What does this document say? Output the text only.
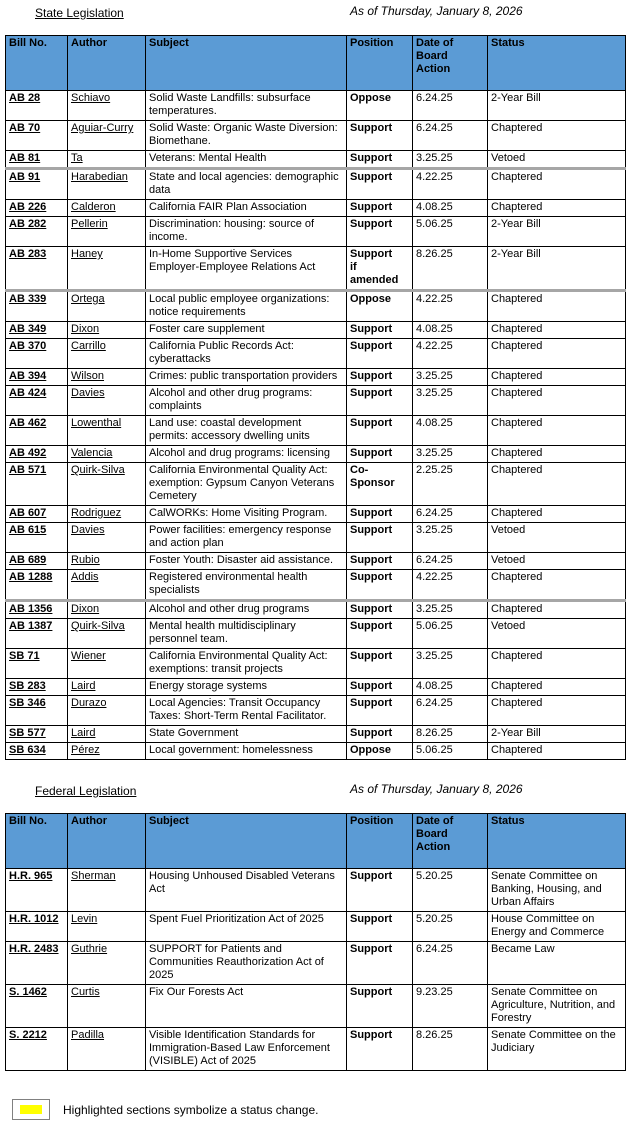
State Legislation	As of Thursday, January 8, 2026
Bill No.	Author	Subject	Position	Date of Board Action	Status
AB 28	Schiavo	Solid Waste Landfills: subsurface temperatures.	Oppose	6.24.25	2-Year Bill
AB 70	Aguiar-Curry	Solid Waste: Organic Waste Diversion: Biomethane.	Support	6.24.25	Chaptered
AB 81	Ta	Veterans: Mental Health	Support	3.25.25	Vetoed
AB 91	Harabedian	State and local agencies: demographic data	Support	4.22.25	Chaptered
AB 226	Calderon	California FAIR Plan Association	Support	4.08.25	Chaptered
AB 282	Pellerin	Discrimination: housing: source of income.	Support	5.06.25	2-Year Bill
AB 283	Haney	In-Home Supportive Services Employer-Employee Relations Act	Support if amended	8.26.25	2-Year Bill
AB 339	Ortega	Local public employee organizations: notice requirements	Oppose	4.22.25	Chaptered
AB 349	Dixon	Foster care supplement	Support	4.08.25	Chaptered
AB 370	Carrillo	California Public Records Act: cyberattacks	Support	4.22.25	Chaptered
AB 394	Wilson	Crimes: public transportation providers	Support	3.25.25	Chaptered
AB 424	Davies	Alcohol and other drug programs: complaints	Support	3.25.25	Chaptered
AB 462	Lowenthal	Land use: coastal development permits: accessory dwelling units	Support	4.08.25	Chaptered
AB 492	Valencia	Alcohol and drug programs: licensing	Support	3.25.25	Chaptered
AB 571	Quirk-Silva	California Environmental Quality Act: exemption: Gypsum Canyon Veterans Cemetery	Co-Sponsor	2.25.25	Chaptered
AB 607	Rodriguez	CalWORKs: Home Visiting Program.	Support	6.24.25	Chaptered
AB 615	Davies	Power facilities: emergency response and action plan	Support	3.25.25	Vetoed
AB 689	Rubio	Foster Youth: Disaster aid assistance.	Support	6.24.25	Vetoed
AB 1288	Addis	Registered environmental health specialists	Support	4.22.25	Chaptered
AB 1356	Dixon	Alcohol and other drug programs	Support	3.25.25	Chaptered
AB 1387	Quirk-Silva	Mental health multidisciplinary personnel team.	Support	5.06.25	Vetoed
SB 71	Wiener	California Environmental Quality Act: exemptions: transit projects	Support	3.25.25	Chaptered
SB 283	Laird	Energy storage systems	Support	4.08.25	Chaptered
SB 346	Durazo	Local Agencies: Transit Occupancy Taxes: Short-Term Rental Facilitator.	Support	6.24.25	Chaptered
SB 577	Laird	State Government	Support	8.26.25	2-Year Bill
SB 634	Pérez	Local government: homelessness	Oppose	5.06.25	Chaptered
Federal Legislation	As of Thursday, January 8, 2026
Bill No.	Author	Subject	Position	Date of Board Action	Status
H.R. 965	Sherman	Housing Unhoused Disabled Veterans Act	Support	5.20.25	Senate Committee on Banking, Housing, and Urban Affairs
H.R. 1012	Levin	Spent Fuel Prioritization Act of 2025	Support	5.20.25	House Committee on Energy and Commerce
H.R. 2483	Guthrie	SUPPORT for Patients and Communities Reauthorization Act of 2025	Support	6.24.25	Became Law
S. 1462	Curtis	Fix Our Forests Act	Support	9.23.25	Senate Committee on Agriculture, Nutrition, and Forestry
S. 2212	Padilla	Visible Identification Standards for Immigration-Based Law Enforcement (VISIBLE) Act of 2025	Support	8.26.25	Senate Committee on the Judiciary
Highlighted sections symbolize a status change.
